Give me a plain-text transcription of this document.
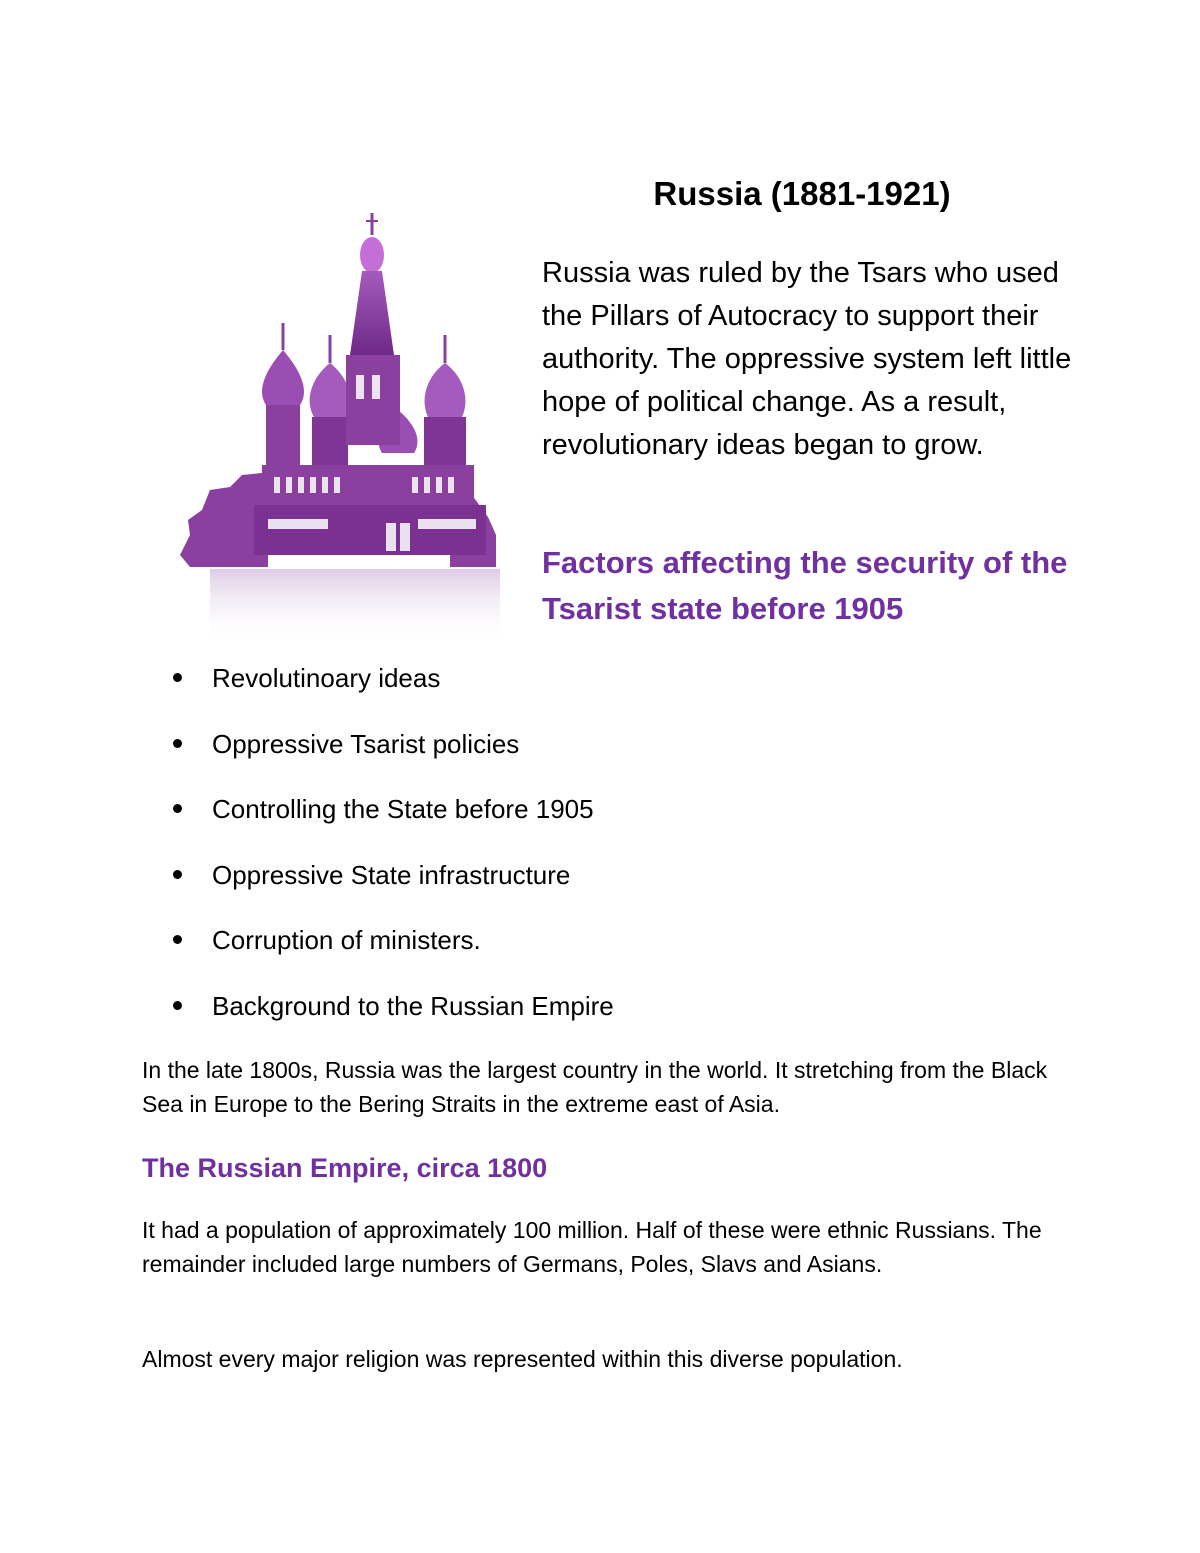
Russia (1881-1921)

Russia was ruled by the Tsars who used the Pillars of Autocracy to support their authority. The oppressive system left little hope of political change. As a result, revolutionary ideas began to grow.

Factors affecting the security of the Tsarist state before 1905
Revolutinoary ideas
Oppressive Tsarist policies
Controlling the State before 1905
Oppressive State infrastructure
Corruption of ministers.
Background to the Russian Empire

In the late 1800s, Russia was the largest country in the world. It stretching from the Black Sea in Europe to the Bering Straits in the extreme east of Asia.

The Russian Empire, circa 1800

It had a population of approximately 100 million. Half of these were ethnic Russians. The remainder included large numbers of Germans, Poles, Slavs and Asians.

Almost every major religion was represented within this diverse population.
